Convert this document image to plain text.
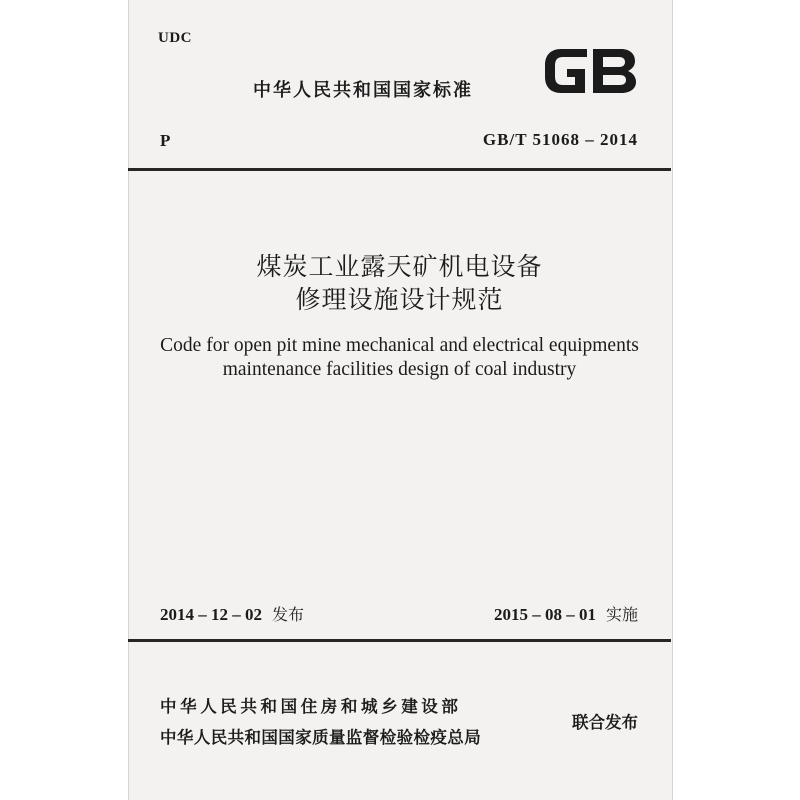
UDC
中华人民共和国国家标准
P	GB/T 51068 – 2014
煤炭工业露天矿机电设备
修理设施设计规范
Code for open pit mine mechanical and electrical equipments
maintenance facilities design of coal industry
2014 – 12 – 02 发布	2015 – 08 – 01 实施
中华人民共和国住房和城乡建设部
中华人民共和国国家质量监督检验检疫总局
联合发布
